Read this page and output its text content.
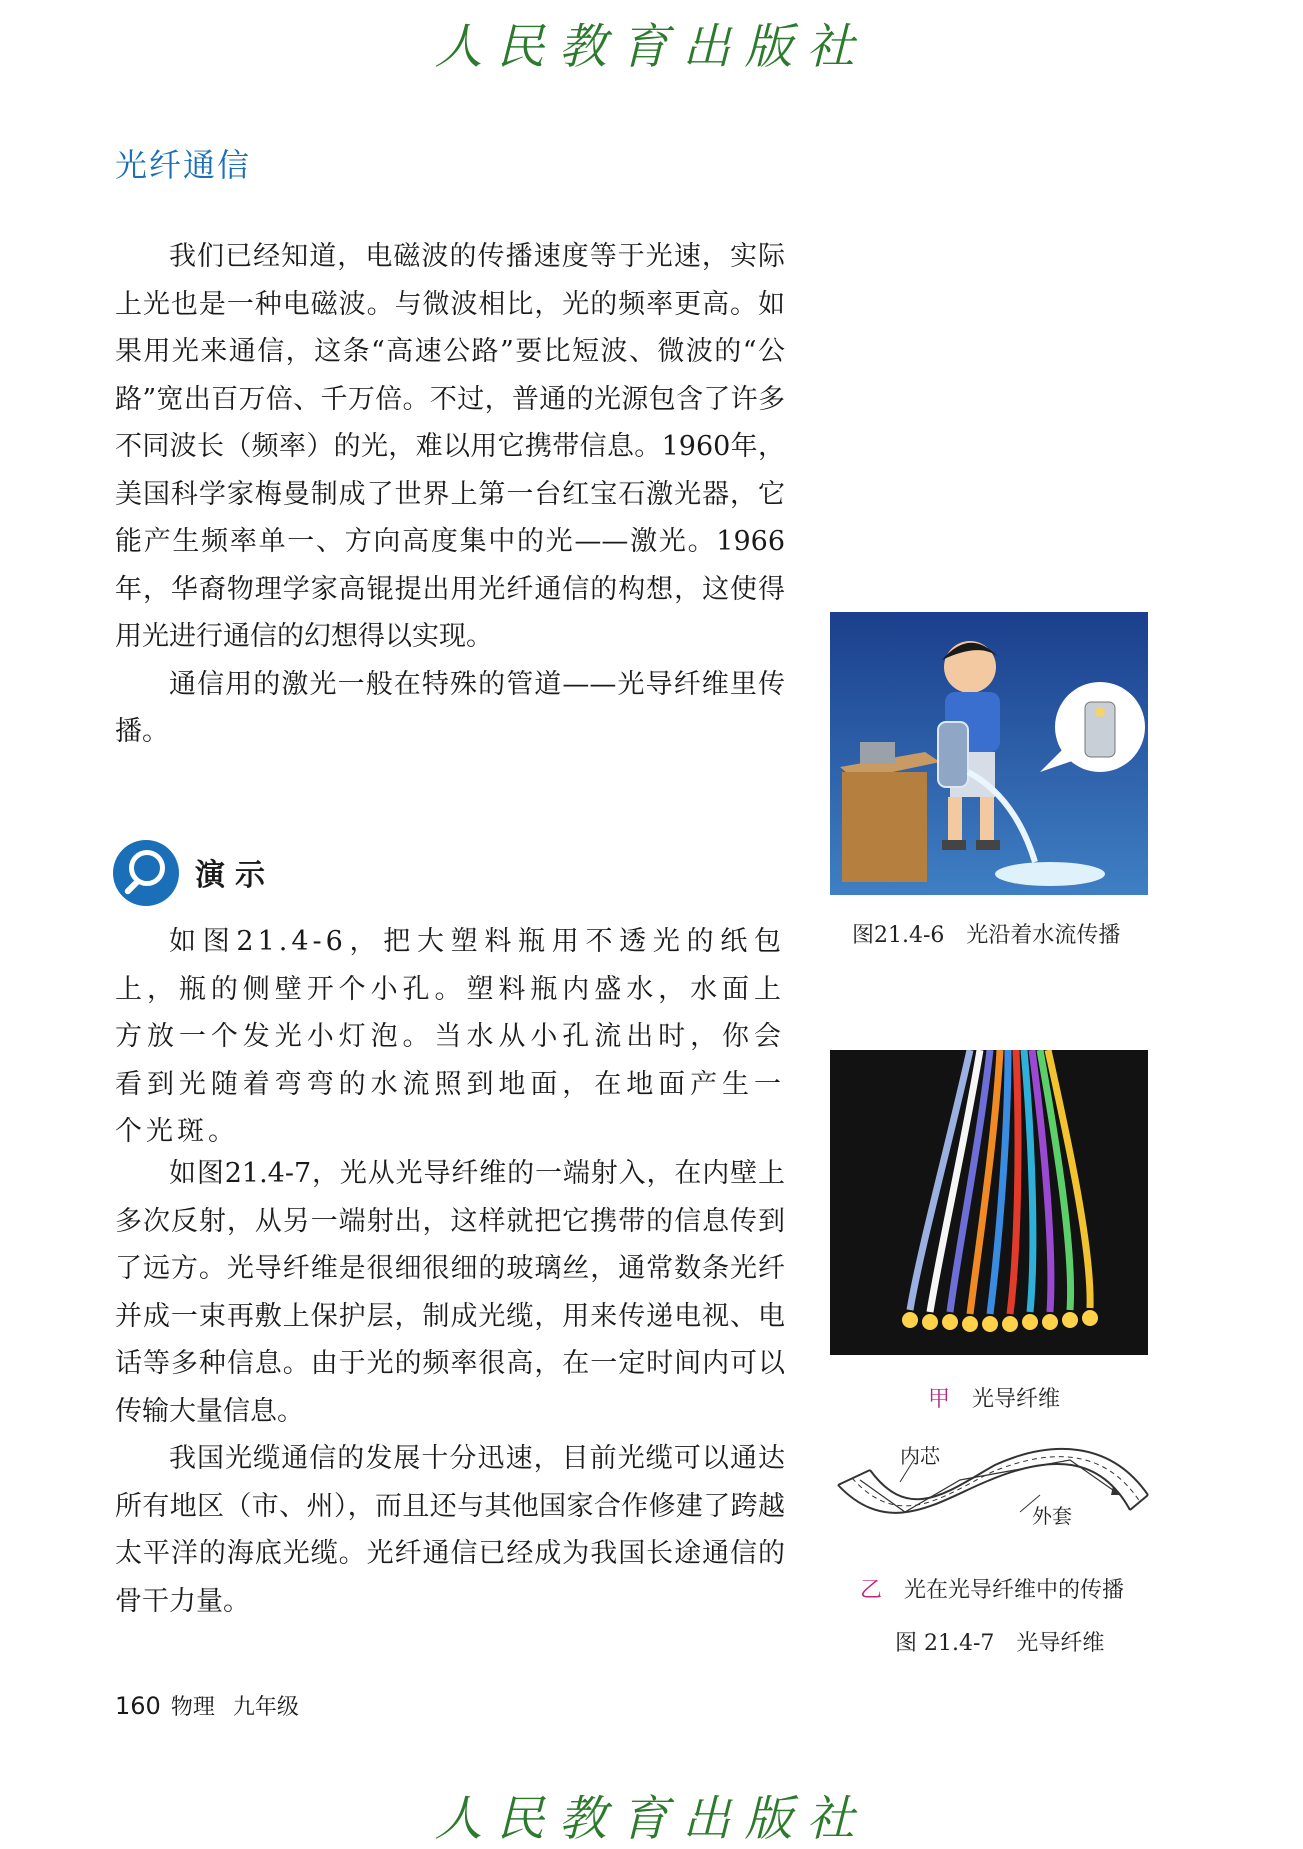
人民教育出版社
光纤通信

我们已经知道，电磁波的传播速度等于光速，实际上光也是一种电磁波。与微波相比，光的频率更高。如果用光来通信，这条“高速公路”要比短波、微波的“公路”宽出百万倍、千万倍。不过，普通的光源包含了许多不同波长（频率）的光，难以用它携带信息。1960年，美国科学家梅曼制成了世界上第一台红宝石激光器，它能产生频率单一、方向高度集中的光——激光。1966年，华裔物理学家高锟提出用光纤通信的构想，这使得用光进行通信的幻想得以实现。

通信用的激光一般在特殊的管道——光导纤维里传播。

演示

如图21.4-6，把大塑料瓶用不透光的纸包上，瓶的侧壁开个小孔。塑料瓶内盛水，水面上方放一个发光小灯泡。当水从小孔流出时，你会看到光随着弯弯的水流照到地面，在地面产生一个光斑。

如图21.4-7，光从光导纤维的一端射入，在内壁上多次反射，从另一端射出，这样就把它携带的信息传到了远方。光导纤维是很细很细的玻璃丝，通常数条光纤并成一束再敷上保护层，制成光缆，用来传递电视、电话等多种信息。由于光的频率很高，在一定时间内可以传输大量信息。

我国光缆通信的发展十分迅速，目前光缆可以通达所有地区（市、州），而且还与其他国家合作修建了跨越太平洋的海底光缆。光纤通信已经成为我国长途通信的骨干力量。

图21.4-6　光沿着水流传播
甲　 光导纤维
内芯
外套
乙　 光在光导纤维中的传播
图 21.4-7　光导纤维
160 物理 九年级
人民教育出版社
